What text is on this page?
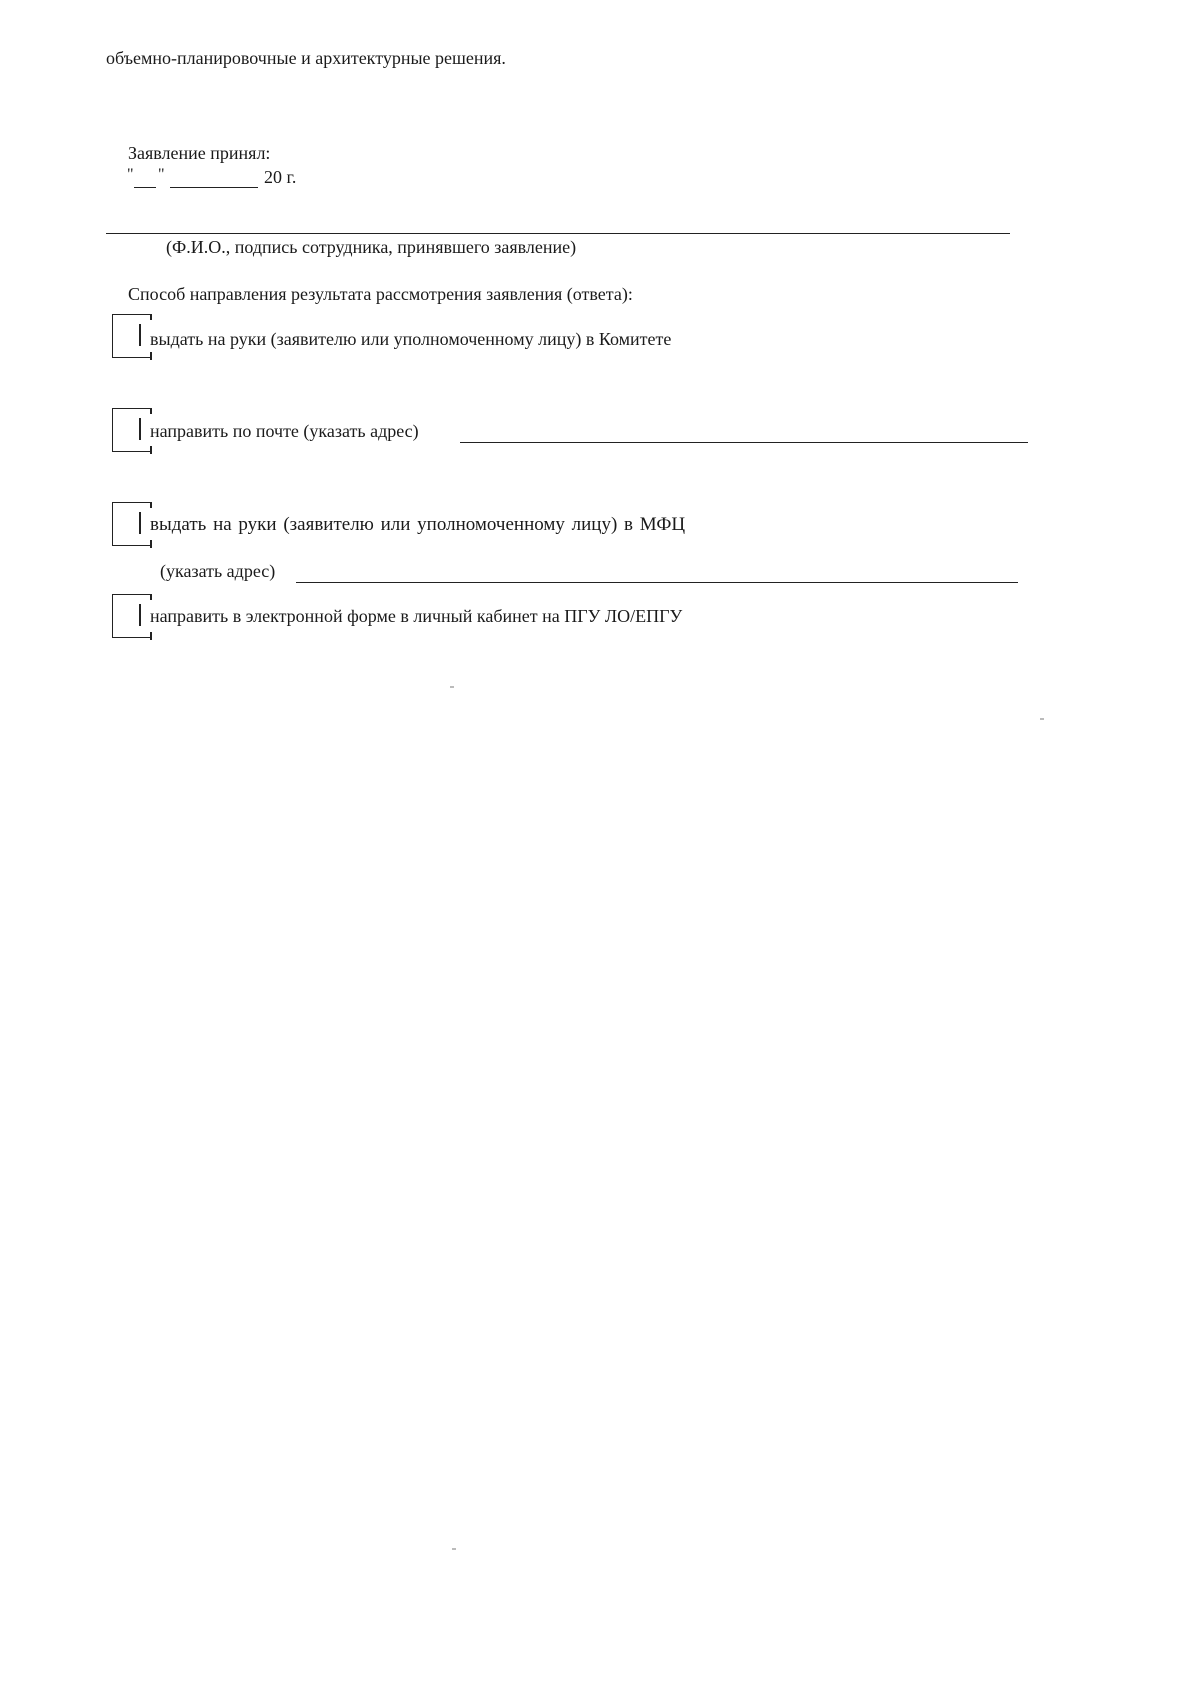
объемно-планировочные и архитектурные решения.
Заявление принял:
" "	20 г.
(Ф.И.О., подпись сотрудника, принявшего заявление)
Способ направления результата рассмотрения заявления (ответа):
выдать на руки (заявителю или уполномоченному лицу) в Комитете
направить по почте (указать адрес)
выдать на руки (заявителю или уполномоченному лицу) в МФЦ
(указать адрес)
направить в электронной форме в личный кабинет на ПГУ ЛО/ЕПГУ
